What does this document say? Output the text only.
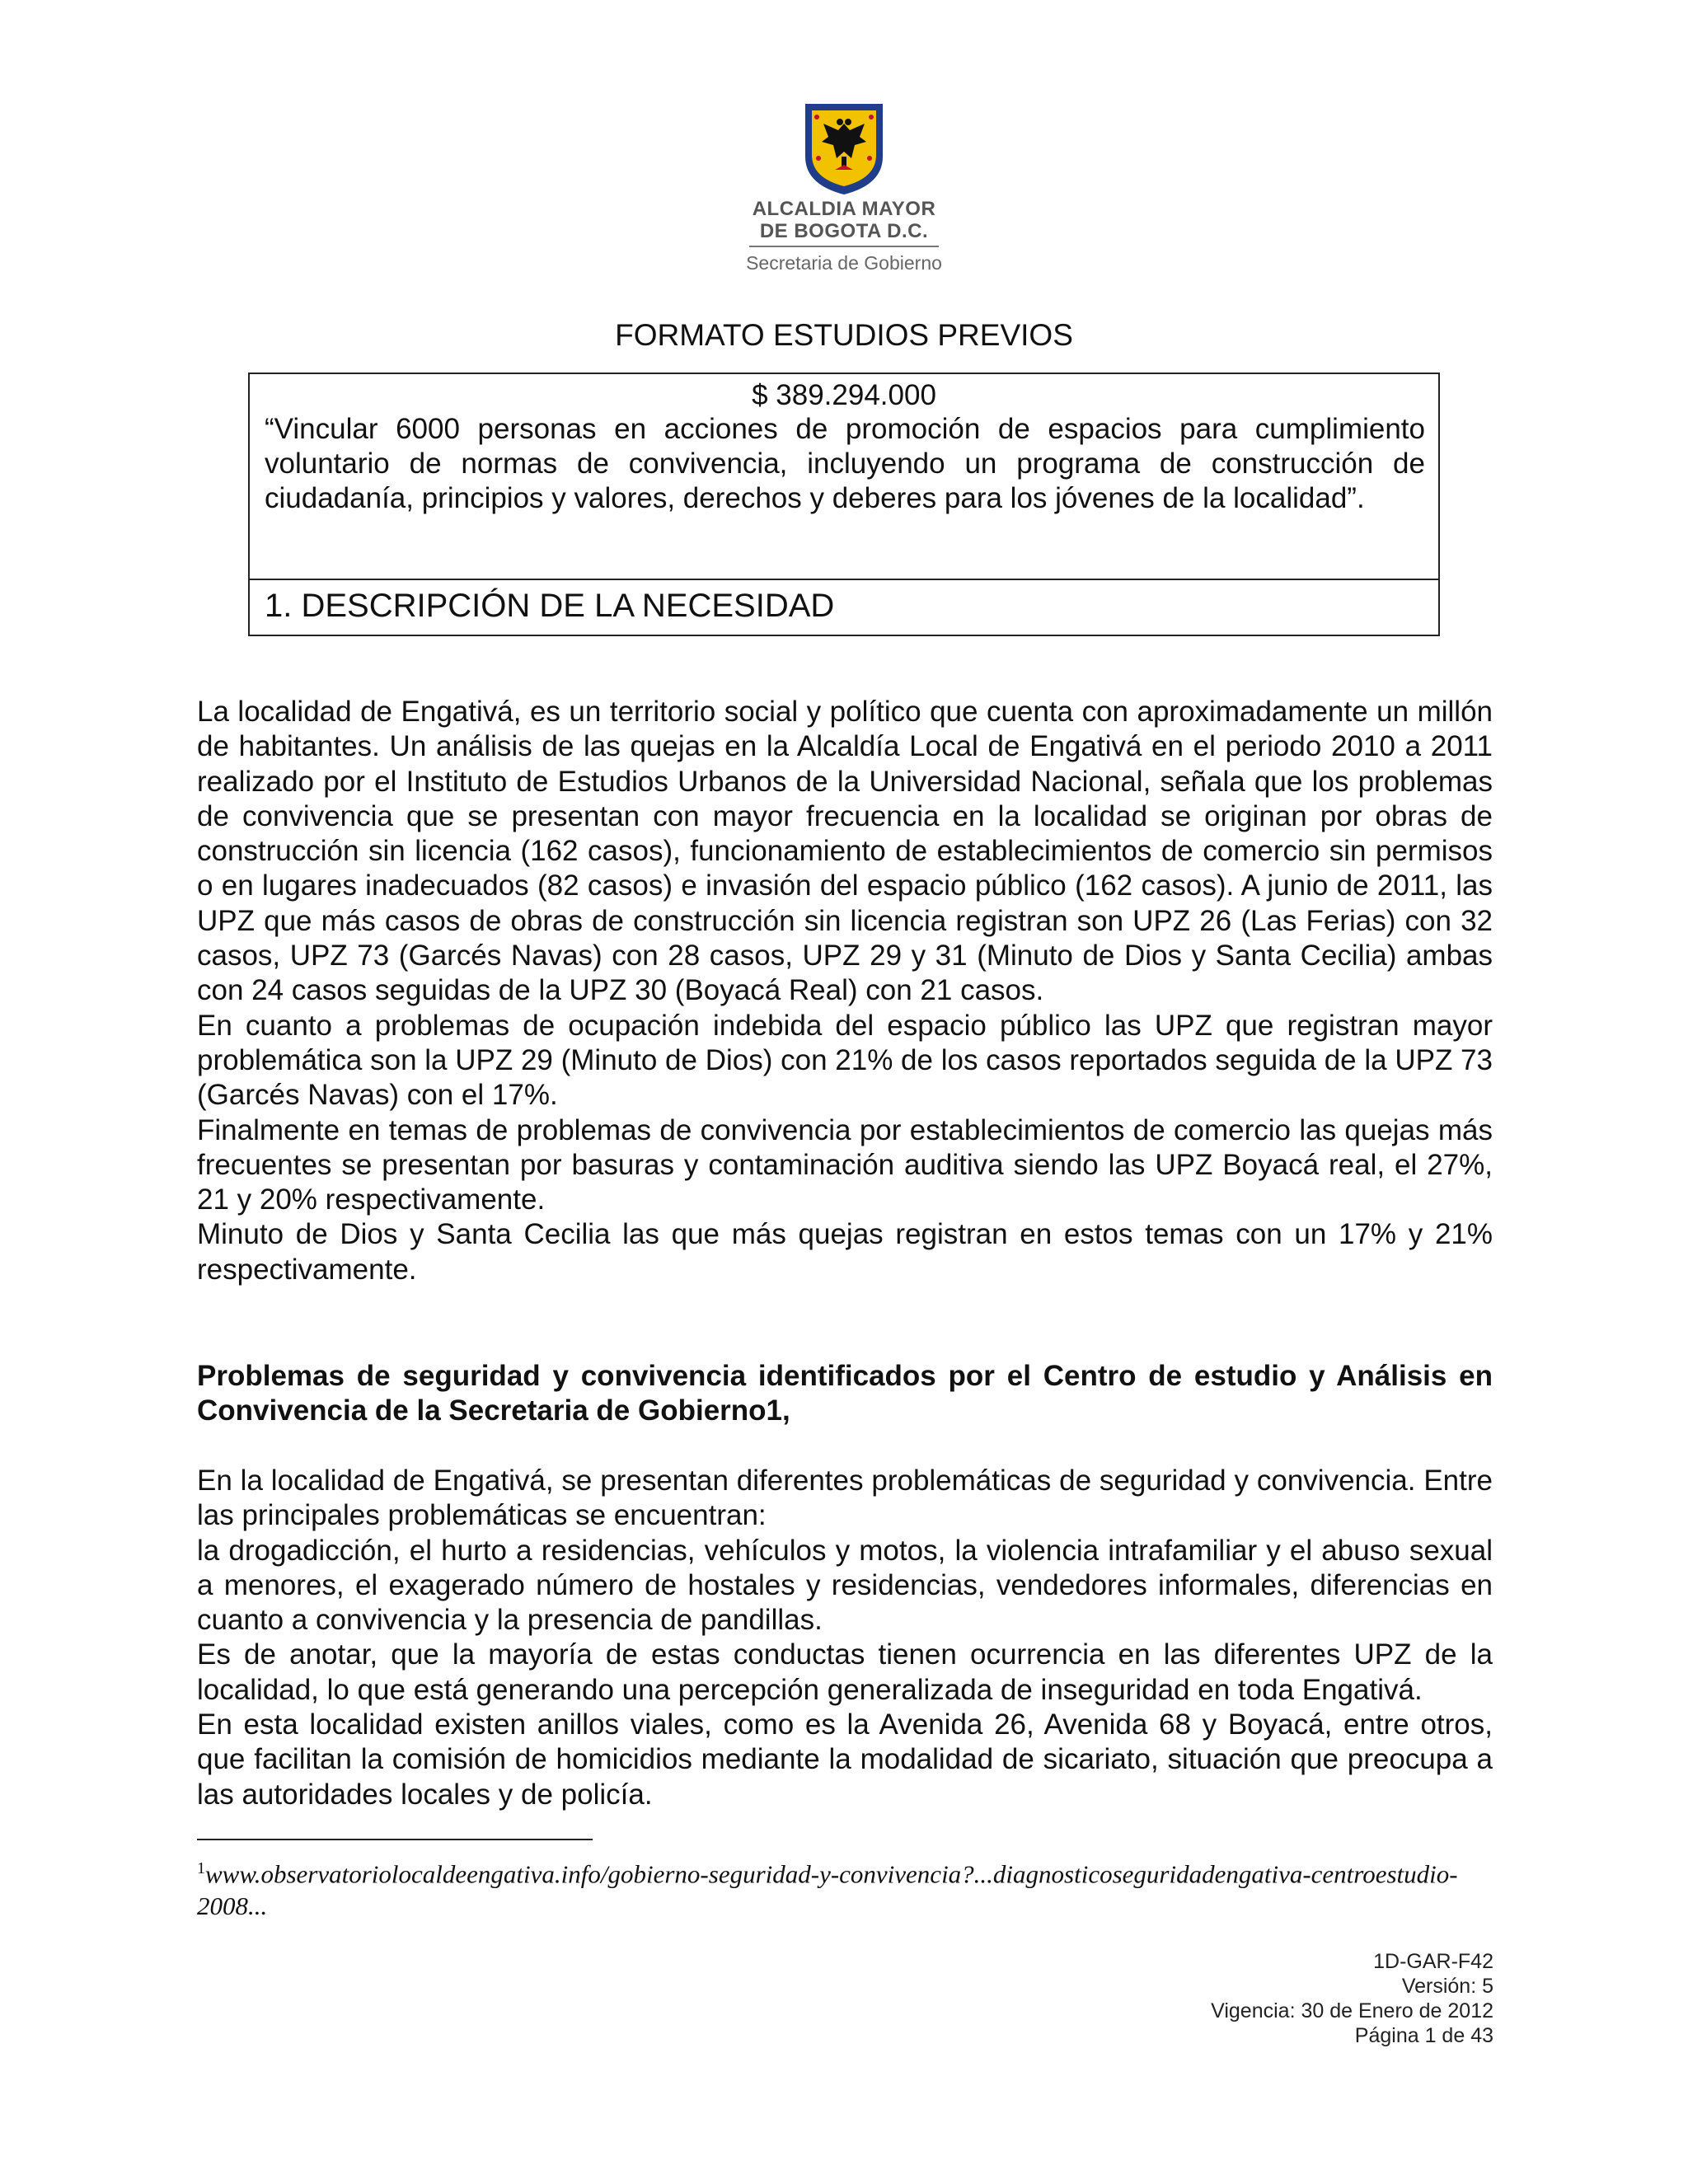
ALCALDIA MAYOR
DE BOGOTA D.C.
Secretaria de Gobierno
FORMATO ESTUDIOS PREVIOS
$ 389.294.000
“Vincular 6000 personas en acciones de promoción de espacios para cumplimiento voluntario de normas de convivencia, incluyendo un programa de construcción de ciudadanía, principios y valores, derechos y deberes para los jóvenes de la localidad”.
1. DESCRIPCIÓN DE LA NECESIDAD

La localidad de Engativá, es un territorio social y político que cuenta con aproximadamente un millón de habitantes. Un análisis de las quejas en la Alcaldía Local de Engativá en el periodo 2010 a 2011 realizado por el Instituto de Estudios Urbanos de la Universidad Nacional, señala que los problemas de convivencia que se presentan con mayor frecuencia en la localidad se originan por obras de construcción sin licencia (162 casos), funcionamiento de establecimientos de comercio sin permisos o en lugares inadecuados (82 casos) e invasión del espacio público (162 casos). A junio de 2011, las UPZ que más casos de obras de construcción sin licencia registran son UPZ 26 (Las Ferias) con 32 casos, UPZ 73 (Garcés Navas) con 28 casos, UPZ 29 y 31 (Minuto de Dios y Santa Cecilia) ambas con 24 casos seguidas de la UPZ 30 (Boyacá Real) con 21 casos.

En cuanto a problemas de ocupación indebida del espacio público las UPZ que registran mayor problemática son la UPZ 29 (Minuto de Dios) con 21% de los casos reportados seguida de la UPZ 73 (Garcés Navas) con el 17%.

Finalmente en temas de problemas de convivencia por establecimientos de comercio las quejas más frecuentes se presentan por basuras y contaminación auditiva siendo las UPZ Boyacá real, el 27%, 21 y 20% respectivamente.

Minuto de Dios y Santa Cecilia las que más quejas registran en estos temas con un 17% y 21% respectivamente.

Problemas de seguridad y convivencia identificados por el Centro de estudio y Análisis en Convivencia de la Secretaria de Gobierno1,

En la localidad de Engativá, se presentan diferentes problemáticas de seguridad y convivencia. Entre las principales problemáticas se encuentran:

la drogadicción, el hurto a residencias, vehículos y motos, la violencia intrafamiliar y el abuso sexual a menores, el exagerado número de hostales y residencias, vendedores informales, diferencias en cuanto a convivencia y la presencia de pandillas.

Es de anotar, que la mayoría de estas conductas tienen ocurrencia en las diferentes UPZ de la localidad, lo que está generando una percepción generalizada de inseguridad en toda Engativá.

En esta localidad existen anillos viales, como es la Avenida 26, Avenida 68 y Boyacá, entre otros, que facilitan la comisión de homicidios mediante la modalidad de sicariato, situación que preocupa a las autoridades locales y de policía.

$^1$www.observatoriolocaldeengativa.info/gobierno-seguridad-y-convivencia?...diagnosticoseguridadengativa-centroestudio-2008...
1D-GAR-F42
Versión: 5
Vigencia: 30 de Enero de 2012
Página 1 de 43
